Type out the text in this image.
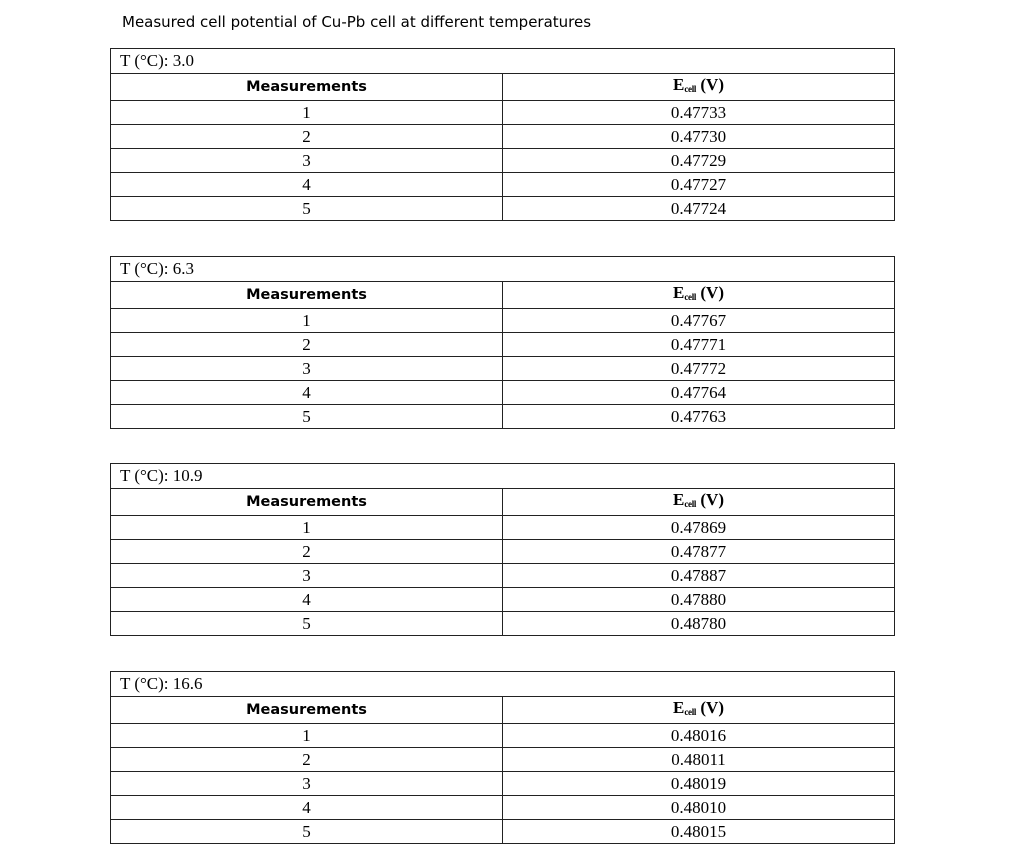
Measured cell potential of Cu-Pb cell at different temperatures
T (°C): 3.0	
Measurements	$E_{cell}$ (V)
1	0.47733
2	0.47730
3	0.47729
4	0.47727
5	0.47724
T (°C): 6.3	
Measurements	$E_{cell}$ (V)
1	0.47767
2	0.47771
3	0.47772
4	0.47764
5	0.47763
T (°C): 10.9	
Measurements	$E_{cell}$ (V)
1	0.47869
2	0.47877
3	0.47887
4	0.47880
5	0.48780
T (°C): 16.6	
Measurements	$E_{cell}$ (V)
1	0.48016
2	0.48011
3	0.48019
4	0.48010
5	0.48015
